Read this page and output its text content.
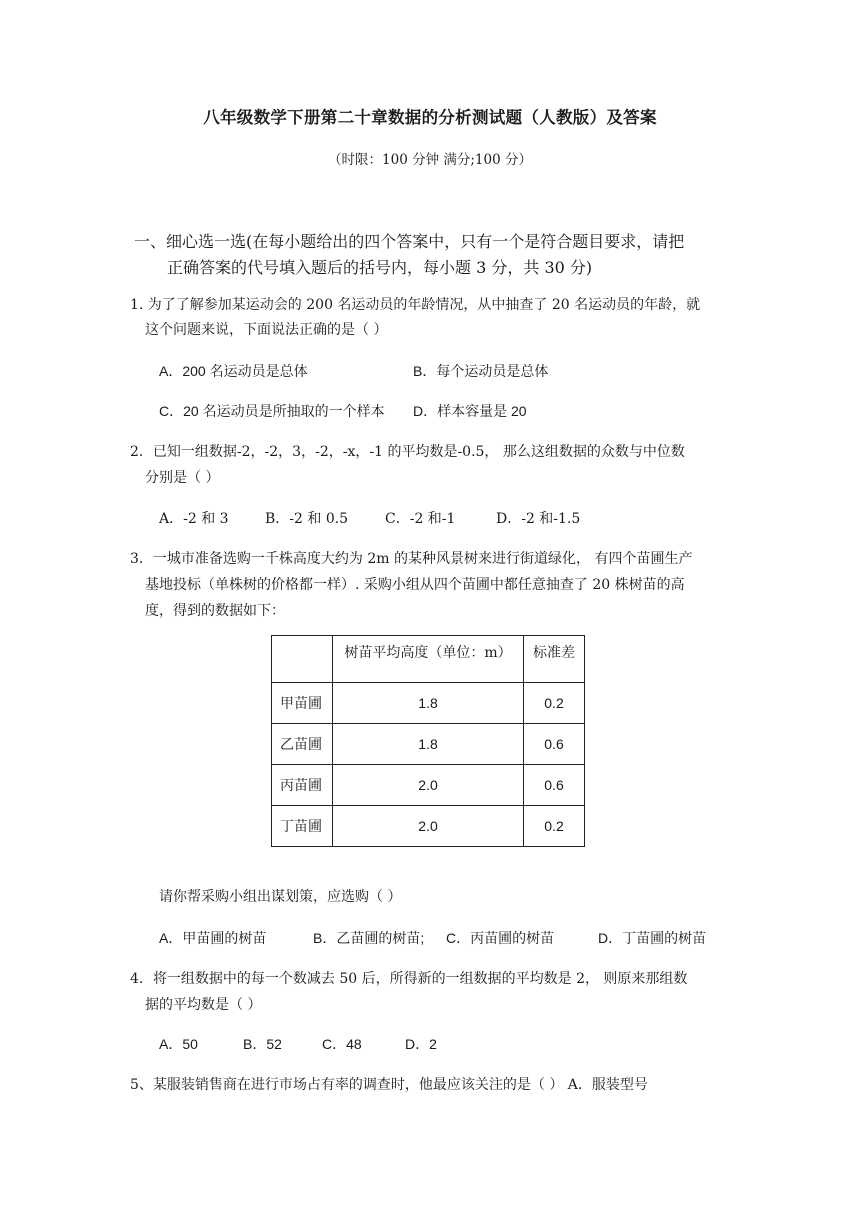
八年级数学下册第二十章数据的分析测试题（人教版）及答案
（时限：100 分钟 满分;100 分）
一、细心选一选(在每小题给出的四个答案中，只有一个是符合题目要求，请把
正确答案的代号填入题后的括号内，每小题 3 分，共 30 分)
1. 为了了解参加某运动会的 200 名运动员的年龄情况，从中抽查了 20 名运动员的年龄，就
这个问题来说，下面说法正确的是（ ）
A．200 名运动员是总体	B．每个运动员是总体
C．20 名运动员是所抽取的一个样本 D．样本容量是 20
2．已知一组数据-2，-2，3，-2，-x，-1 的平均数是-0.5， 那么这组数据的众数与中位数
分别是（ ）
A．-2 和 3	B．-2 和 0.5	C．-2 和-1	D．-2 和-1.5
3．一城市准备选购一千株高度大约为 2m 的某种风景树来进行街道绿化， 有四个苗圃生产
基地投标（单株树的价格都一样）. 采购小组从四个苗圃中都任意抽查了 20 株树苗的高
度，得到的数据如下：
	树苗平均高度（单位：m）	标准差
甲苗圃	1.8	0.2
乙苗圃	1.8	0.6
丙苗圃	2.0	0.6
丁苗圃	2.0	0.2
请你帮采购小组出谋划策，应选购（ ）
A．甲苗圃的树苗	B．乙苗圃的树苗; C．丙苗圃的树苗	D．丁苗圃的树苗
4．将一组数据中的每一个数减去 50 后，所得新的一组数据的平均数是 2， 则原来那组数
据的平均数是（ ）
A．50	B．52	C．48	D．2
5、某服装销售商在进行市场占有率的调查时，他最应该关注的是（ ） A．服装型号
